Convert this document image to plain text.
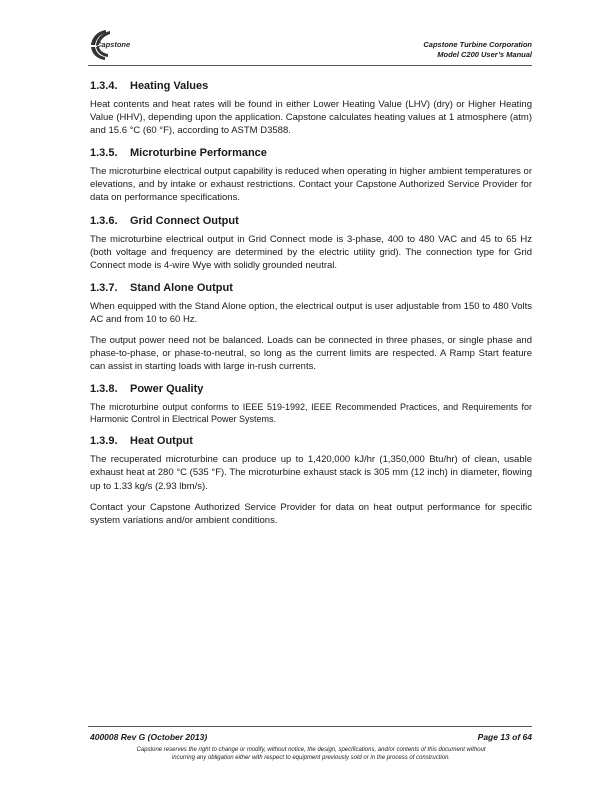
Capstone	Capstone Turbine Corporation
Model C200 User’s Manual
1.3.4. Heating Values

Heat contents and heat rates will be found in either Lower Heating Value (LHV) (dry) or Higher Heating Value (HHV), depending upon the application. Capstone calculates heating values at 1 atmosphere (atm) and 15.6 °C (60 °F), according to ASTM D3588.

1.3.5. Microturbine Performance

The microturbine electrical output capability is reduced when operating in higher ambient temperatures or elevations, and by intake or exhaust restrictions. Contact your Capstone Authorized Service Provider for data on performance specifications.

1.3.6. Grid Connect Output

The microturbine electrical output in Grid Connect mode is 3-phase, 400 to 480 VAC and 45 to 65 Hz (both voltage and frequency are determined by the electric utility grid). The connection type for Grid Connect mode is 4-wire Wye with solidly grounded neutral.

1.3.7. Stand Alone Output

When equipped with the Stand Alone option, the electrical output is user adjustable from 150 to 480 Volts AC and from 10 to 60 Hz.

The output power need not be balanced. Loads can be connected in three phases, or single phase and phase-to-phase, or phase-to-neutral, so long as the current limits are respected. A Ramp Start feature can assist in starting loads with large in-rush currents.

1.3.8. Power Quality

The microturbine output conforms to IEEE 519-1992, IEEE Recommended Practices, and Requirements for Harmonic Control in Electrical Power Systems.

1.3.9. Heat Output

The recuperated microturbine can produce up to 1,420,000 kJ/hr (1,350,000 Btu/hr) of clean, usable exhaust heat at 280 °C (535 °F). The microturbine exhaust stack is 305 mm (12 inch) in diameter, flowing up to 1.33 kg/s (2.93 lbm/s).

Contact your Capstone Authorized Service Provider for data on heat output performance for specific system variations and/or ambient conditions.

400008 Rev G (October 2013)	Page 13 of 64
Capstone reserves the right to change or modify, without notice, the design, specifications, and/or contents of this document without
incurring any obligation either with respect to equipment previously sold or in the process of construction.
